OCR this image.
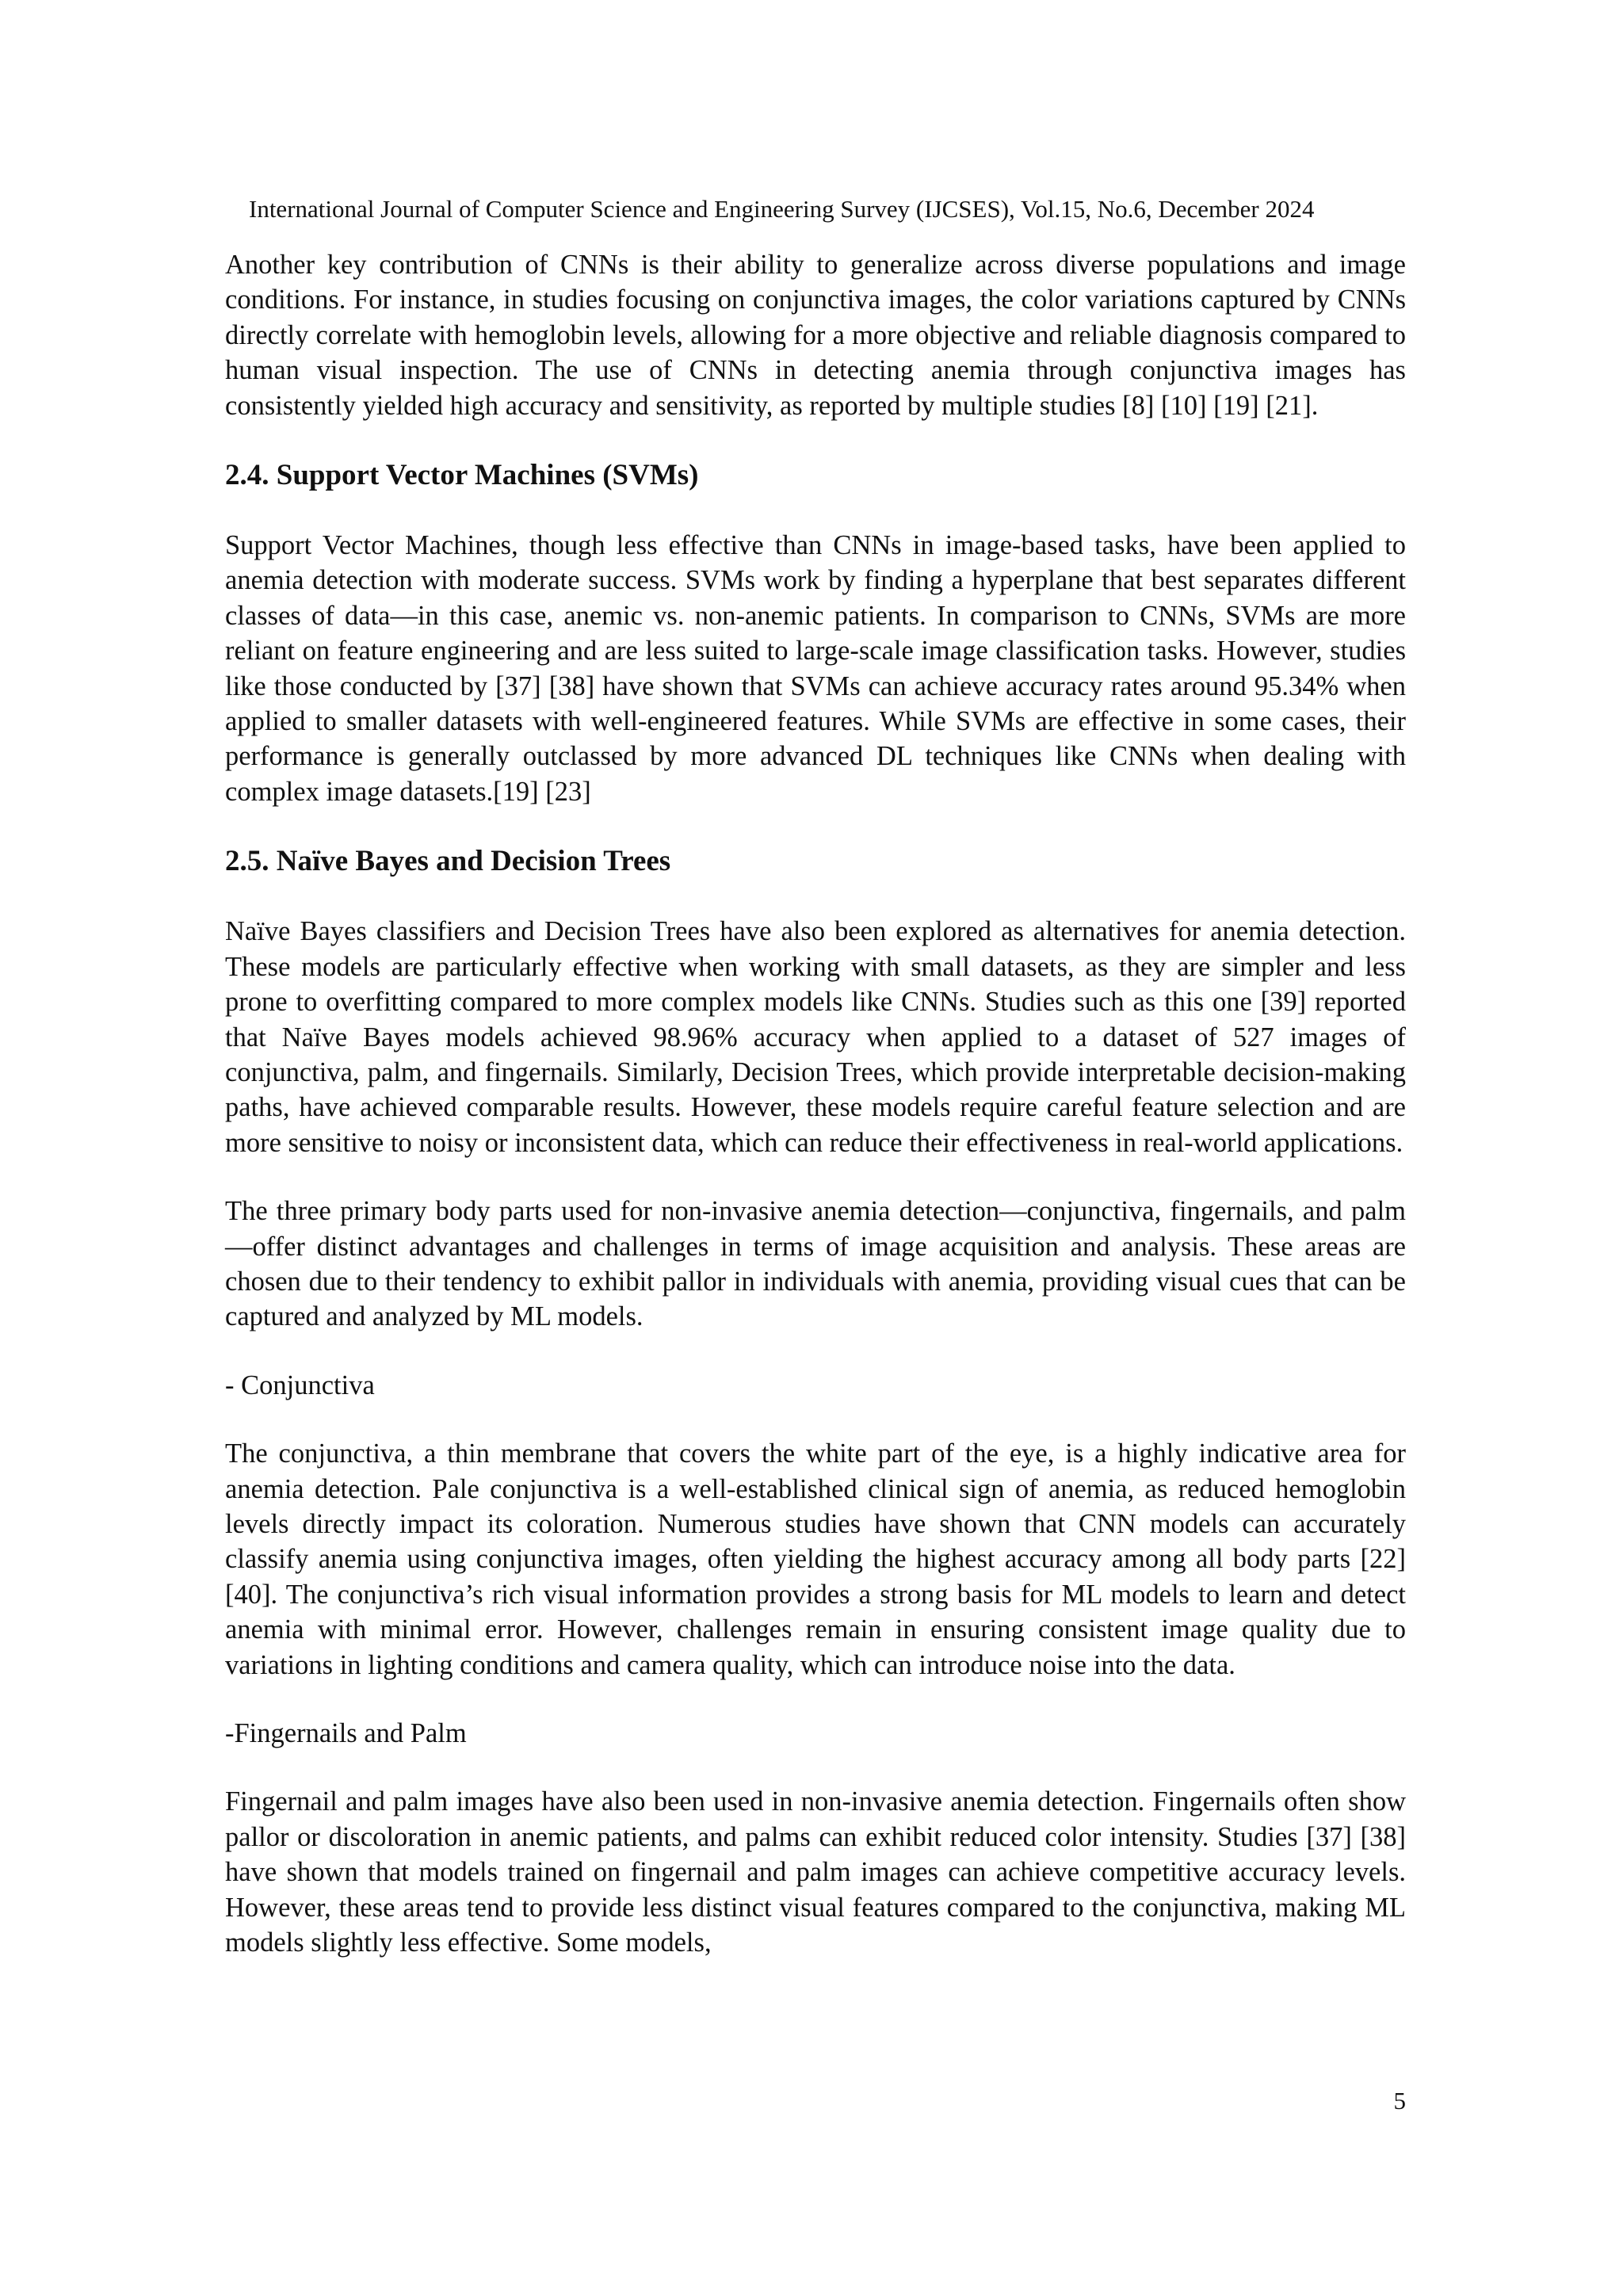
International Journal of Computer Science and Engineering Survey (IJCSES), Vol.15, No.6, December 2024

Another key contribution of CNNs is their ability to generalize across diverse populations and image conditions. For instance, in studies focusing on conjunctiva images, the color variations captured by CNNs directly correlate with hemoglobin levels, allowing for a more objective and reliable diagnosis compared to human visual inspection. The use of CNNs in detecting anemia through conjunctiva images has consistently yielded high accuracy and sensitivity, as reported by multiple studies [8] [10] [19] [21].

2.4. Support Vector Machines (SVMs)

Support Vector Machines, though less effective than CNNs in image-based tasks, have been applied to anemia detection with moderate success. SVMs work by finding a hyperplane that best separates different classes of data—in this case, anemic vs. non-anemic patients. In comparison to CNNs, SVMs are more reliant on feature engineering and are less suited to large-scale image classification tasks. However, studies like those conducted by [37] [38] have shown that SVMs can achieve accuracy rates around 95.34% when applied to smaller datasets with well-engineered features. While SVMs are effective in some cases, their performance is generally outclassed by more advanced DL techniques like CNNs when dealing with complex image datasets.[19] [23]

2.5. Naïve Bayes and Decision Trees

Naïve Bayes classifiers and Decision Trees have also been explored as alternatives for anemia detection. These models are particularly effective when working with small datasets, as they are simpler and less prone to overfitting compared to more complex models like CNNs. Studies such as this one [39] reported that Naïve Bayes models achieved 98.96% accuracy when applied to a dataset of 527 images of conjunctiva, palm, and fingernails. Similarly, Decision Trees, which provide interpretable decision-making paths, have achieved comparable results. However, these models require careful feature selection and are more sensitive to noisy or inconsistent data, which can reduce their effectiveness in real-world applications.

The three primary body parts used for non-invasive anemia detection—conjunctiva, fingernails, and palm—offer distinct advantages and challenges in terms of image acquisition and analysis. These areas are chosen due to their tendency to exhibit pallor in individuals with anemia, providing visual cues that can be captured and analyzed by ML models.

- Conjunctiva

The conjunctiva, a thin membrane that covers the white part of the eye, is a highly indicative area for anemia detection. Pale conjunctiva is a well-established clinical sign of anemia, as reduced hemoglobin levels directly impact its coloration. Numerous studies have shown that CNN models can accurately classify anemia using conjunctiva images, often yielding the highest accuracy among all body parts [22] [40]. The conjunctiva’s rich visual information provides a strong basis for ML models to learn and detect anemia with minimal error. However, challenges remain in ensuring consistent image quality due to variations in lighting conditions and camera quality, which can introduce noise into the data.

-Fingernails and Palm

Fingernail and palm images have also been used in non-invasive anemia detection. Fingernails often show pallor or discoloration in anemic patients, and palms can exhibit reduced color intensity. Studies [37] [38] have shown that models trained on fingernail and palm images can achieve competitive accuracy levels. However, these areas tend to provide less distinct visual features compared to the conjunctiva, making ML models slightly less effective. Some models,

5
